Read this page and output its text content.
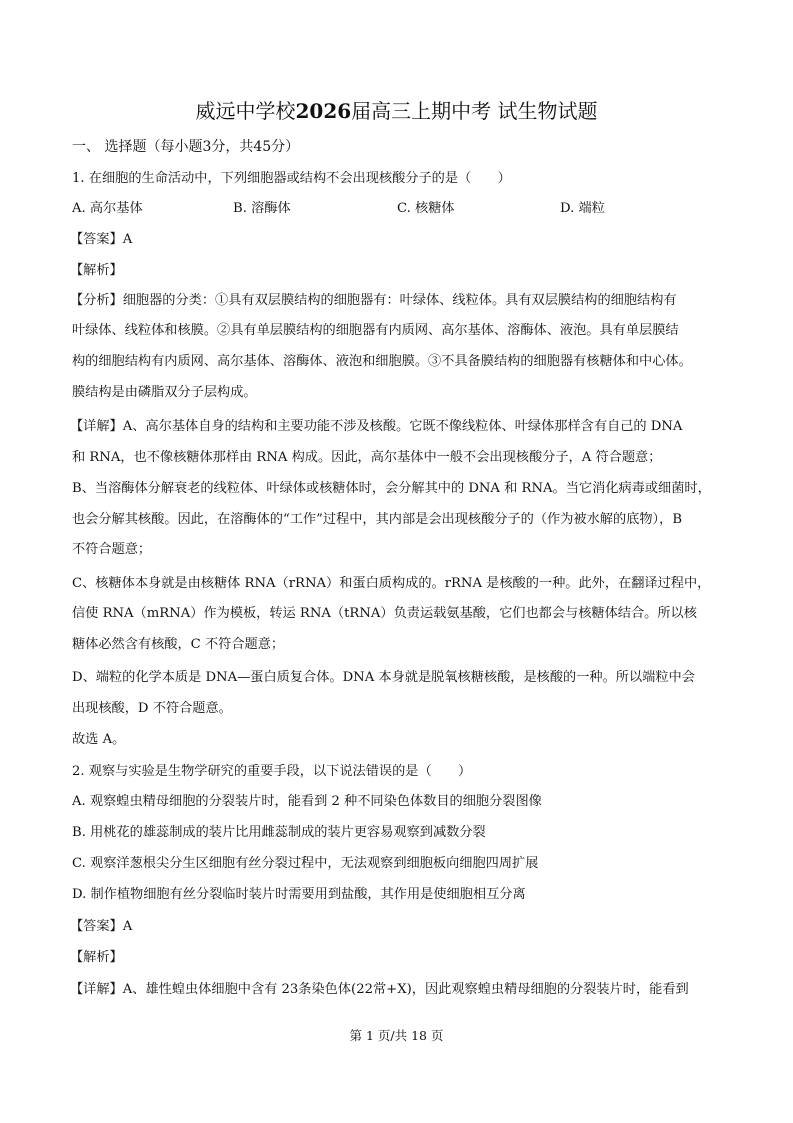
威远中学校2026届高三上期中考 试生物试题
一、 选择题（每小题3分，共45分）
1. 在细胞的生命活动中，下列细胞器或结构不会出现核酸分子的是（　　）
A. 高尔基体	B. 溶酶体	C. 核糖体	D. 端粒
【答案】A
【解析】
【分析】细胞器的分类：①具有双层膜结构的细胞器有：叶绿体、线粒体。具有双层膜结构的细胞结构有
叶绿体、线粒体和核膜。②具有单层膜结构的细胞器有内质网、高尔基体、溶酶体、液泡。具有单层膜结
构的细胞结构有内质网、高尔基体、溶酶体、液泡和细胞膜。③不具备膜结构的细胞器有核糖体和中心体。
膜结构是由磷脂双分子层构成。
【详解】A、高尔基体自身的结构和主要功能不涉及核酸。它既不像线粒体、叶绿体那样含有自己的 DNA
和 RNA，也不像核糖体那样由 RNA 构成。因此，高尔基体中一般不会出现核酸分子，A 符合题意；
B、当溶酶体分解衰老的线粒体、叶绿体或核糖体时，会分解其中的 DNA 和 RNA。当它消化病毒或细菌时，
也会分解其核酸。因此，在溶酶体的“工作”过程中，其内部是会出现核酸分子的（作为被水解的底物），B
不符合题意；
C、核糖体本身就是由核糖体 RNA（rRNA）和蛋白质构成的。rRNA 是核酸的一种。此外，在翻译过程中，
信使 RNA（mRNA）作为模板，转运 RNA（tRNA）负责运载氨基酸，它们也都会与核糖体结合。所以核
糖体必然含有核酸，C 不符合题意；
D、端粒的化学本质是 DNA—蛋白质复合体。DNA 本身就是脱氧核糖核酸，是核酸的一种。所以端粒中会
出现核酸，D 不符合题意。
故选 A。
2. 观察与实验是生物学研究的重要手段，以下说法错误的是（　　）
A. 观察蝗虫精母细胞的分裂装片时，能看到 2 种不同染色体数目的细胞分裂图像
B. 用桃花的雄蕊制成的装片比用雌蕊制成的装片更容易观察到减数分裂
C. 观察洋葱根尖分生区细胞有丝分裂过程中，无法观察到细胞板向细胞四周扩展
D. 制作植物细胞有丝分裂临时装片时需要用到盐酸，其作用是使细胞相互分离
【答案】A
【解析】
【详解】A、雄性蝗虫体细胞中含有 23条染色体(22常+X)，因此观察蝗虫精母细胞的分裂装片时，能看到
第 1 页/共 18 页
